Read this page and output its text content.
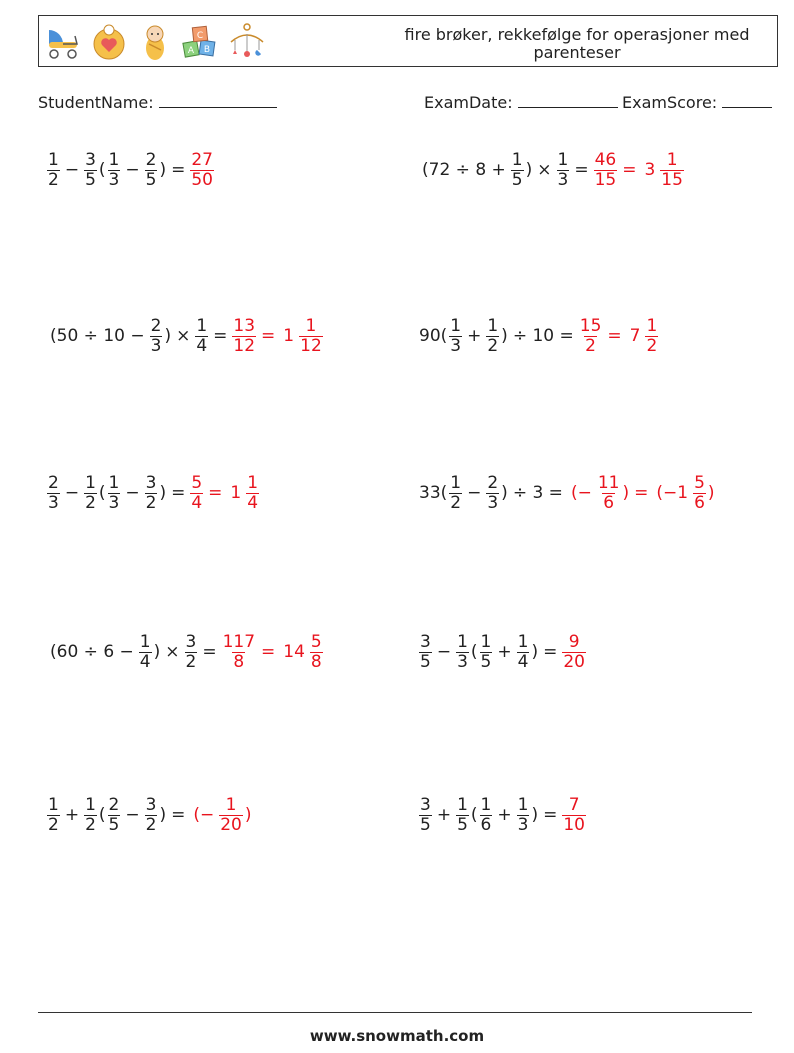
C
A B
fire brøker, rekkefølge for operasjoner med parenteser
StudentName:	ExamDate:	ExamScore:
$\frac{1}{2} - \frac{3}{5}$ ( $\frac{1}{3} - \frac{2}{5}$ ) = $\frac{27}{50}$	($72 \div 8 + \frac{1}{5}$ ) × $\frac{1}{3} = \frac{46}{15} = 3 \frac{1}{15}$
($50 \div 10 - \frac{2}{3}$ ) × $\frac{1}{4} = \frac{13}{12} = 1 \frac{1}{12}$	$90( \frac{1}{3} + \frac{1}{2}$ ) ÷ $10 = \frac{15}{2} = 7 \frac{1}{2}$
$\frac{2}{3} - \frac{1}{2}$ ( $\frac{1}{3} - \frac{3}{2}$ ) = $\frac{5}{4} = 1 \frac{1}{4}$	$33( \frac{1}{2} - \frac{2}{3}$ ) ÷ 3 = (− $\frac{11}{6}$ ) = ($-1 \frac{5}{6}$ )
($60 \div 6 - \frac{1}{4}$ ) × $\frac{3}{2} = \frac{117}{8} = 14 \frac{5}{8}$	$\frac{3}{5} - \frac{1}{3}$ ( $\frac{1}{5} + \frac{1}{4}$ ) = $\frac{9}{20}$
$\frac{1}{2} + \frac{1}{2}$ ( $\frac{2}{5} - \frac{3}{2}$ ) = (− $\frac{1}{20}$ )	$\frac{3}{5} + \frac{1}{5}$ ( $\frac{1}{6} + \frac{1}{3}$ ) = $\frac{7}{10}$
www.snowmath.com
